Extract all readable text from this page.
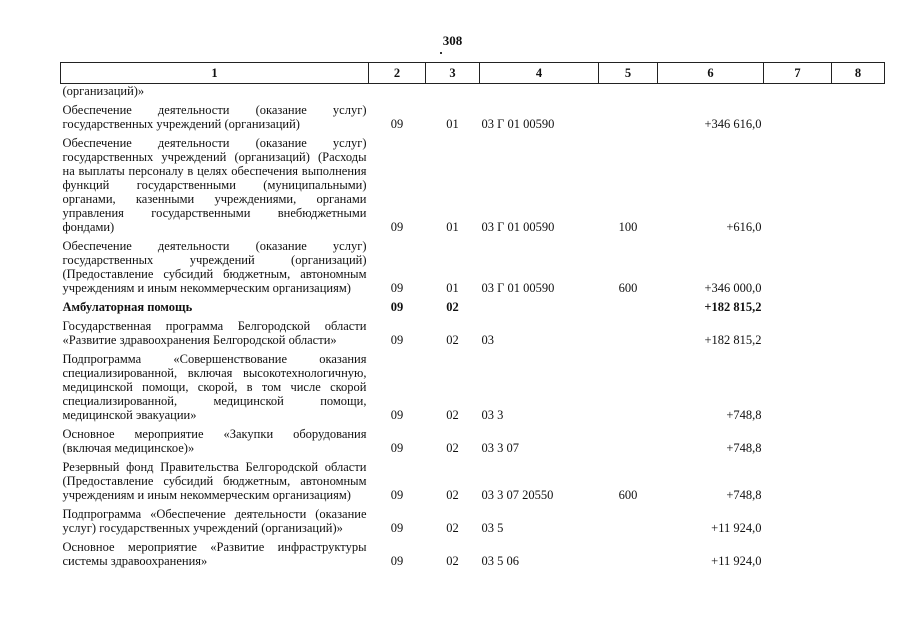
308
1	2	3	4	5	6	7	8
(организаций)»							
Обеспечение деятельности (оказание услуг) государственных учреждений (организаций)	09	01	03 Г 01 00590		+346 616,0		
Обеспечение деятельности (оказание услуг) государственных учреждений (организаций) (Расходы на выплаты персоналу в целях обеспечения выполнения функций государственными (муниципальными) органами, казенными учреждениями, органами управления государственными внебюджетными фондами)	09	01	03 Г 01 00590	100	+616,0		
Обеспечение деятельности (оказание услуг) государственных учреждений (организаций) (Предоставление субсидий бюджетным, автономным учреждениям и иным некоммерческим организациям)	09	01	03 Г 01 00590	600	+346 000,0		
Амбулаторная помощь	09	02			+182 815,2		
Государственная программа Белгородской области «Развитие здравоохранения Белгородской области»	09	02	03		+182 815,2		
Подпрограмма «Совершенствование оказания специализированной, включая высокотехнологичную, медицинской помощи, скорой, в том числе скорой специализированной, медицинской помощи, медицинской эвакуации»	09	02	03 3		+748,8		
Основное мероприятие «Закупки оборудования (включая медицинское)»	09	02	03 3 07		+748,8		
Резервный фонд Правительства Белгородской области (Предоставление субсидий бюджетным, автономным учреждениям и иным некоммерческим организациям)	09	02	03 3 07 20550	600	+748,8		
Подпрограмма «Обеспечение деятельности (оказание услуг) государственных учреждений (организаций)»	09	02	03 5		+11 924,0		
Основное мероприятие «Развитие инфраструктуры системы здравоохранения»	09	02	03 5 06		+11 924,0		
